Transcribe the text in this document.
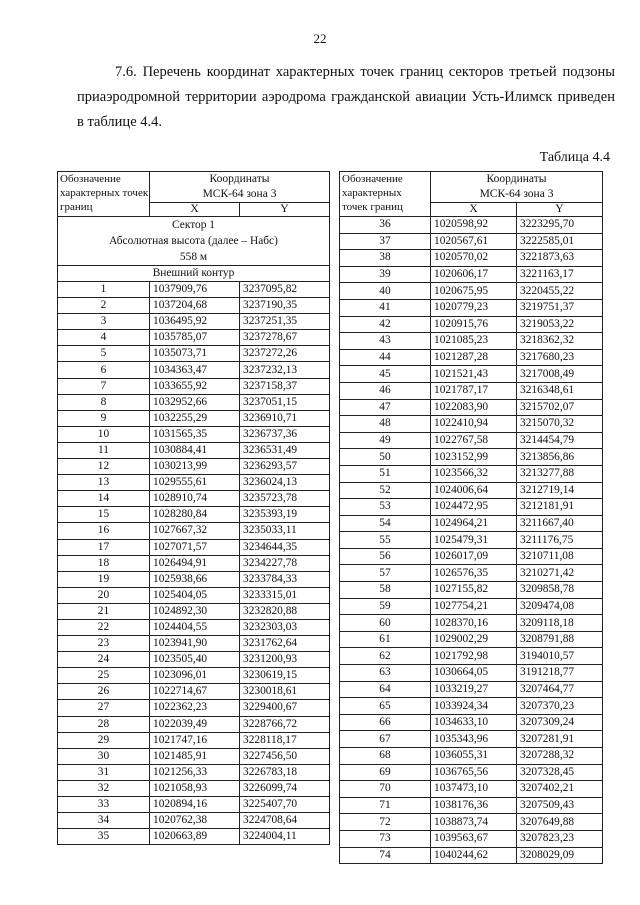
22
7.6. Перечень координат характерных точек границ секторов третьей подзоны приаэродромной территории аэродрома гражданской авиации Усть-Илимск приведен в таблице 4.4.
Таблица 4.4
Обозначение характерных точек границ	Координаты
МСК-64 зона 3	

	X	Y

Сектор 1
Абсолютная высота (далее – Набс)
558 м		

Внешний контур		
1	1037909,76	3237095,82
2	1037204,68	3237190,35
3	1036495,92	3237251,35
4	1035785,07	3237278,67
5	1035073,71	3237272,26
6	1034363,47	3237232,13
7	1033655,92	3237158,37
8	1032952,66	3237051,15
9	1032255,29	3236910,71
10	1031565,35	3236737,36
11	1030884,41	3236531,49
12	1030213,99	3236293,57
13	1029555,61	3236024,13
14	1028910,74	3235723,78
15	1028280,84	3235393,19
16	1027667,32	3235033,11
17	1027071,57	3234644,35
18	1026494,91	3234227,78
19	1025938,66	3233784,33
20	1025404,05	3233315,01
21	1024892,30	3232820,88
22	1024404,55	3232303,03
23	1023941,90	3231762,64
24	1023505,40	3231200,93
25	1023096,01	3230619,15
26	1022714,67	3230018,61
27	1022362,23	3229400,67
28	1022039,49	3228766,72
29	1021747,16	3228118,17
30	1021485,91	3227456,50
31	1021256,33	3226783,18
32	1021058,93	3226099,74
33	1020894,16	3225407,70
34	1020762,38	3224708,64
35	1020663,89	3224004,11
Обозначение характерных точек границ	Координаты
МСК-64 зона 3	

	X	Y
36	1020598,92	3223295,70
37	1020567,61	3222585,01
38	1020570,02	3221873,63
39	1020606,17	3221163,17
40	1020675,95	3220455,22
41	1020779,23	3219751,37
42	1020915,76	3219053,22
43	1021085,23	3218362,32
44	1021287,28	3217680,23
45	1021521,43	3217008,49
46	1021787,17	3216348,61
47	1022083,90	3215702,07
48	1022410,94	3215070,32
49	1022767,58	3214454,79
50	1023152,99	3213856,86
51	1023566,32	3213277,88
52	1024006,64	3212719,14
53	1024472,95	3212181,91
54	1024964,21	3211667,40
55	1025479,31	3211176,75
56	1026017,09	3210711,08
57	1026576,35	3210271,42
58	1027155,82	3209858,78
59	1027754,21	3209474,08
60	1028370,16	3209118,18
61	1029002,29	3208791,88
62	1021792,98	3194010,57
63	1030664,05	3191218,77
64	1033219,27	3207464,77
65	1033924,34	3207370,23
66	1034633,10	3207309,24
67	1035343,96	3207281,91
68	1036055,31	3207288,32
69	1036765,56	3207328,45
70	1037473,10	3207402,21
71	1038176,36	3207509,43
72	1038873,74	3207649,88
73	1039563,67	3207823,23
74	1040244,62	3208029,09
